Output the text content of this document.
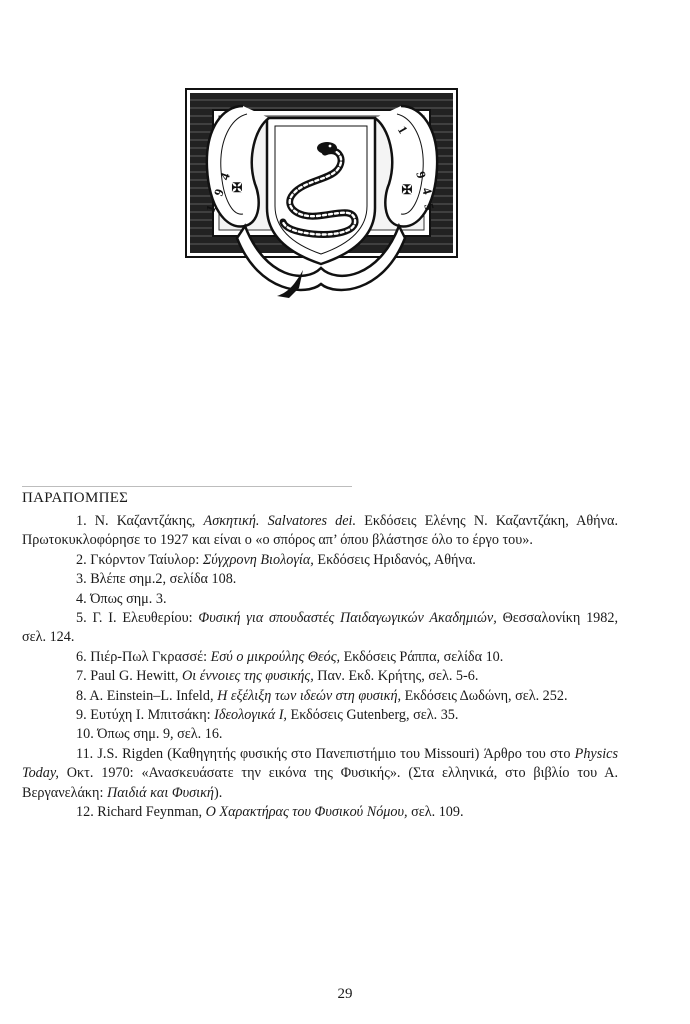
1
9
4
✠
1
9
4
5
✠
ΠΑΡΑΠΟΜΠΕΣ

1. Ν. Καζαντζάκης, Ασκητική. Salvatores dei. Εκδόσεις Ελένης Ν. Καζαντζάκη, Αθήνα. Πρωτοκυκλοφόρησε το 1927 και είναι ο «ο σπόρος απ’ όπου βλάστησε όλο το έργο του».

2. Γκόρντον Ταίυλορ: Σύγχρονη Βιολογία, Εκδόσεις Ηριδανός, Αθήνα.

3. Βλέπε σημ.2, σελίδα 108.

4. Όπως σημ. 3.

5. Γ. Ι. Ελευθερίου: Φυσική για σπουδαστές Παιδαγωγικών Ακαδημιών, Θεσσαλονίκη 1982, σελ. 124.

6. Πιέρ-Πωλ Γκρασσέ: Εσύ ο μικρούλης Θεός, Εκδόσεις Ράππα, σελίδα 10.

7. Paul G. Hewitt, Οι έννοιες της φυσικής, Παν. Εκδ. Κρήτης, σελ. 5-6.

8. A. Einstein–L. Infeld, Η εξέλιξη των ιδεών στη φυσική, Εκδόσεις Δωδώνη, σελ. 252.

9. Ευτύχη Ι. Μπιτσάκη: Ιδεολογικά Ι, Εκδόσεις Gutenberg, σελ. 35.

10. Όπως σημ. 9, σελ. 16.

11. J.S. Rigden (Καθηγητής φυσικής στο Πανεπιστήμιο του Missouri) Άρθρο του στο Physics Today, Οκτ. 1970: «Ανασκευάσατε την εικόνα της Φυσικής». (Στα ελληνικά, στο βιβλίο του Α. Βεργανελάκη: Παιδιά και Φυσική).

12. Richard Feynman, Ο Χαρακτήρας του Φυσικού Νόμου, σελ. 109.

29
